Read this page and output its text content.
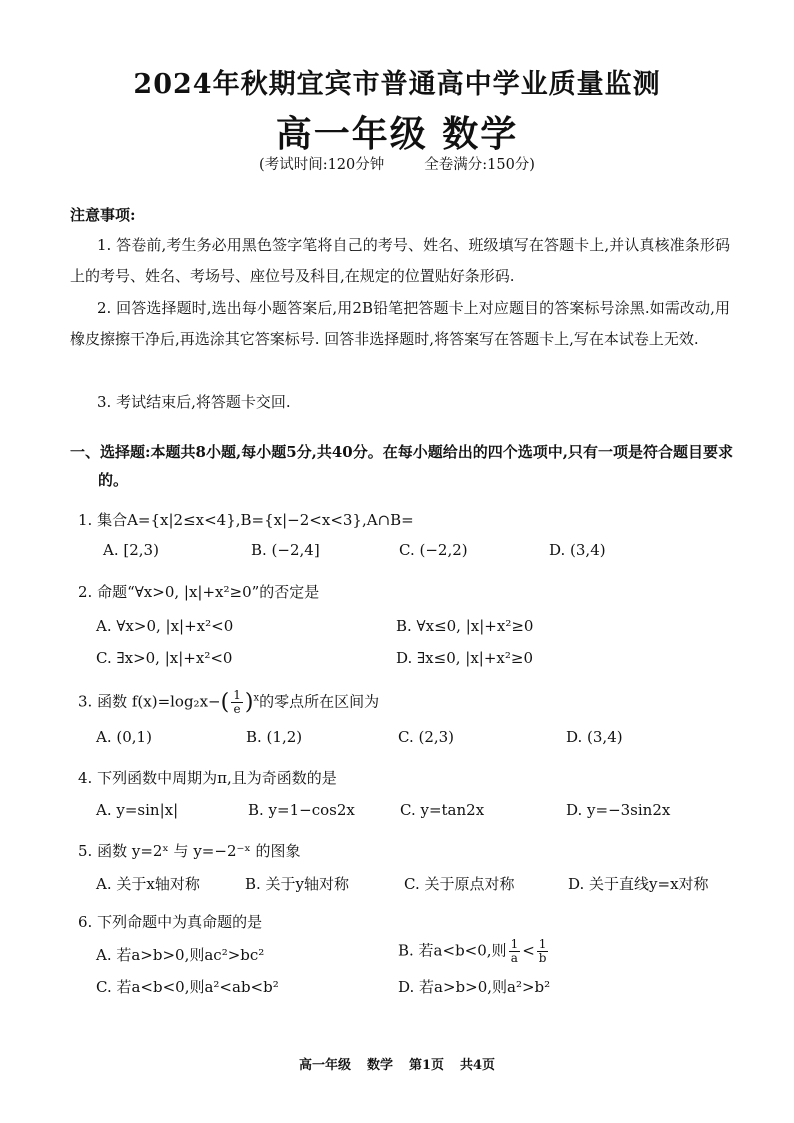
2024年秋期宜宾市普通高中学业质量监测
高一年级 数学
(考试时间:120分钟	全卷满分:150分)
注意事项:
1. 答卷前,考生务必用黑色签字笔将自己的考号、姓名、班级填写在答题卡上,并认真核准条形码上的考号、姓名、考场号、座位号及科目,在规定的位置贴好条形码.
2. 回答选择题时,选出每小题答案后,用2B铅笔把答题卡上对应题目的答案标号涂黑.如需改动,用橡皮擦擦干净后,再选涂其它答案标号. 回答非选择题时,将答案写在答题卡上,写在本试卷上无效.
3. 考试结束后,将答题卡交回.
一、选择题:本题共8小题,每小题5分,共40分。在每小题给出的四个选项中,只有一项是符合题目要求的。
1. 集合A={x|2≤x<4},B={x|−2<x<3},A∩B=
A. [2,3)	B. (−2,4]	C. (−2,2)	D. (3,4)
2. 命题“∀x>0, |x|+x²≥0”的否定是
A. ∀x>0, |x|+x²<0	B. ∀x≤0, |x|+x²≥0
C. ∃x>0, |x|+x²<0	D. ∃x≤0, |x|+x²≥0
3. 函数 $f(x)=\log_2x-( \frac{1}{e} )^x$的零点所在区间为
A. (0,1)	B. (1,2)	C. (2,3)	D. (3,4)
4. 下列函数中周期为π,且为奇函数的是
A. y=sin|x|	B. y=1−cos2x	C. y=tan2x	D. y=−3sin2x
5. 函数 y=2ˣ 与 y=−2⁻ˣ 的图象
A. 关于x轴对称	B. 关于y轴对称	C. 关于原点对称	D. 关于直线y=x对称
6. 下列命题中为真命题的是
A. 若a>b>0,则ac²>bc²	B. 若a<b<0,则 $\frac{1}{a} < \frac{1}{b}$
C. 若a<b<0,则a²<ab<b²	D. 若a>b>0,则a²>b²
高一年级 数学 第1页 共4页
